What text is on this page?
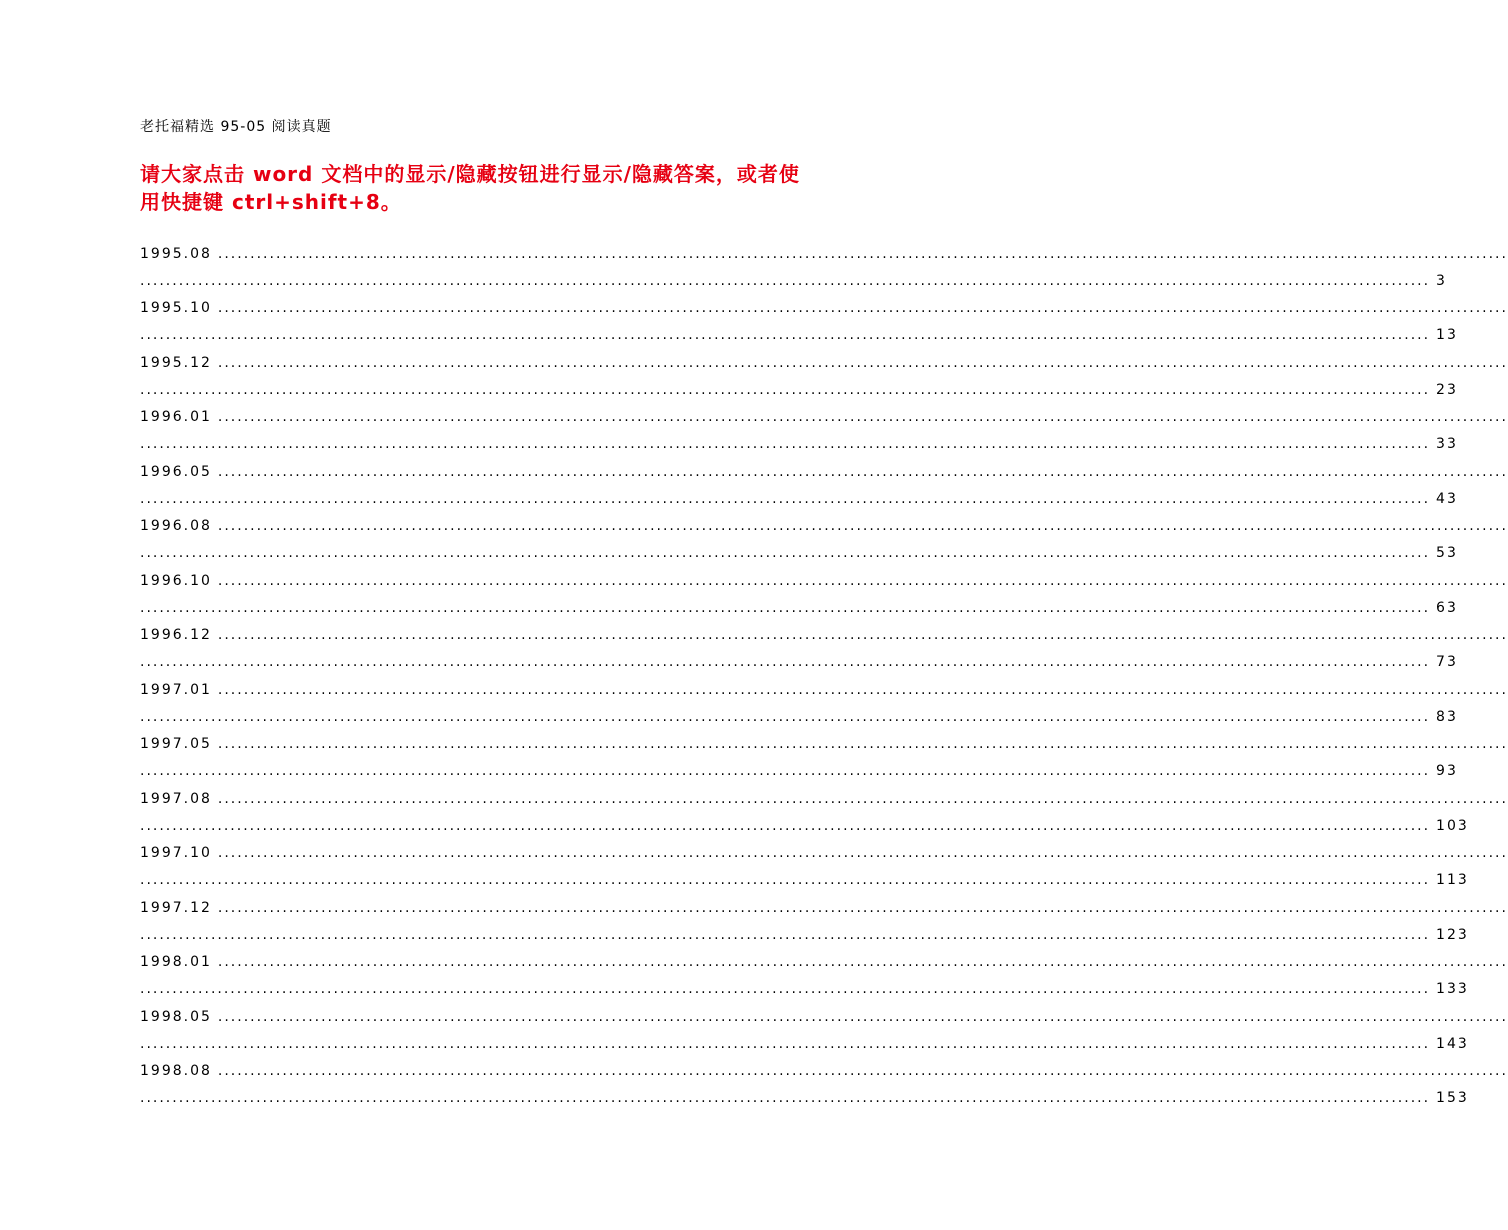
老托福精选 95-05 阅读真题
请大家点击 word 文档中的显示/隐藏按钮进行显示/隐藏答案，或者使
用快捷键 ctrl+shift+8。
1995.08 ........................................................................................................................................................................................................
........................................................................................................................................................................................................ 3
1995.10 ........................................................................................................................................................................................................
........................................................................................................................................................................................................ 13
1995.12 ........................................................................................................................................................................................................
........................................................................................................................................................................................................ 23
1996.01 ........................................................................................................................................................................................................
........................................................................................................................................................................................................ 33
1996.05 ........................................................................................................................................................................................................
........................................................................................................................................................................................................ 43
1996.08 ........................................................................................................................................................................................................
........................................................................................................................................................................................................ 53
1996.10 ........................................................................................................................................................................................................
........................................................................................................................................................................................................ 63
1996.12 ........................................................................................................................................................................................................
........................................................................................................................................................................................................ 73
1997.01 ........................................................................................................................................................................................................
........................................................................................................................................................................................................ 83
1997.05 ........................................................................................................................................................................................................
........................................................................................................................................................................................................ 93
1997.08 ........................................................................................................................................................................................................
........................................................................................................................................................................................................ 103
1997.10 ........................................................................................................................................................................................................
........................................................................................................................................................................................................ 113
1997.12 ........................................................................................................................................................................................................
........................................................................................................................................................................................................ 123
1998.01 ........................................................................................................................................................................................................
........................................................................................................................................................................................................ 133
1998.05 ........................................................................................................................................................................................................
........................................................................................................................................................................................................ 143
1998.08 ........................................................................................................................................................................................................
........................................................................................................................................................................................................ 153
